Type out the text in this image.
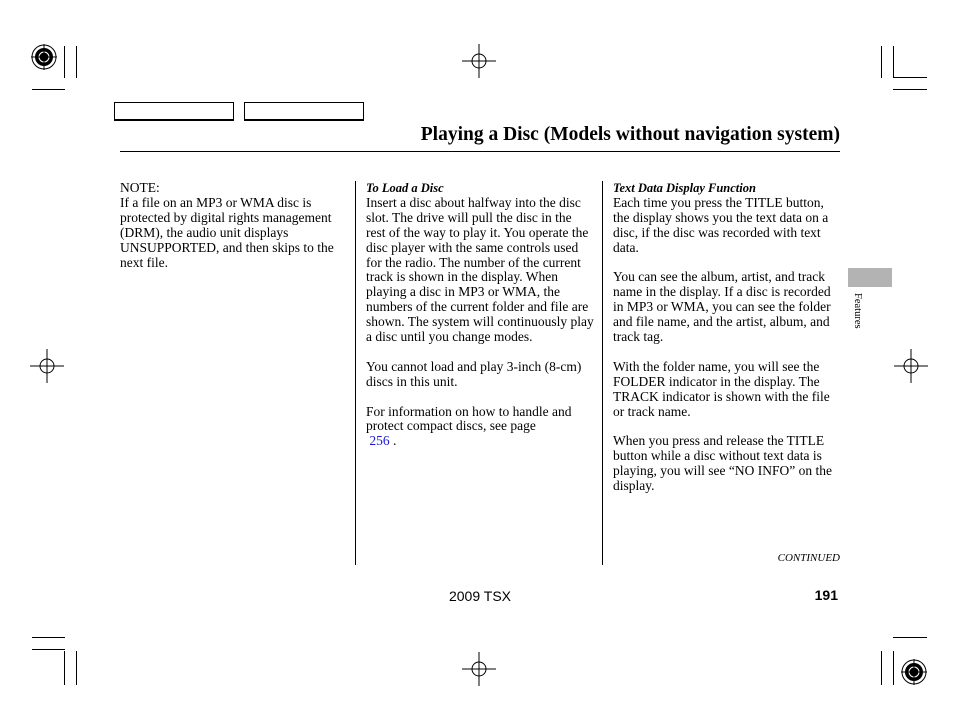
Playing a Disc (Models without navigation system)

NOTE:

If a file on an MP3 or WMA disc is protected by digital rights management (DRM), the audio unit displays UNSUPPORTED, and then skips to the next file.

To Load a Disc

Insert a disc about halfway into the disc slot. The drive will pull the disc in the rest of the way to play it. You operate the disc player with the same controls used for the radio. The number of the current track is shown in the display. When playing a disc in MP3 or WMA, the numbers of the current folder and file are shown. The system will continuously play a disc until you change modes.

You cannot load and play 3-inch (8-cm) discs in this unit.

For information on how to handle and protect compact discs, see page
256 .

Text Data Display Function

Each time you press the TITLE button, the display shows you the text data on a disc, if the disc was recorded with text data.

You can see the album, artist, and track name in the display. If a disc is recorded in MP3 or WMA, you can see the folder and file name, and the artist, album, and track tag.

With the folder name, you will see the FOLDER indicator in the display. The TRACK indicator is shown with the file or track name.

When you press and release the TITLE button while a disc without text data is playing, you will see “NO INFO” on the display.

Features
CONTINUED
2009 TSX	191
